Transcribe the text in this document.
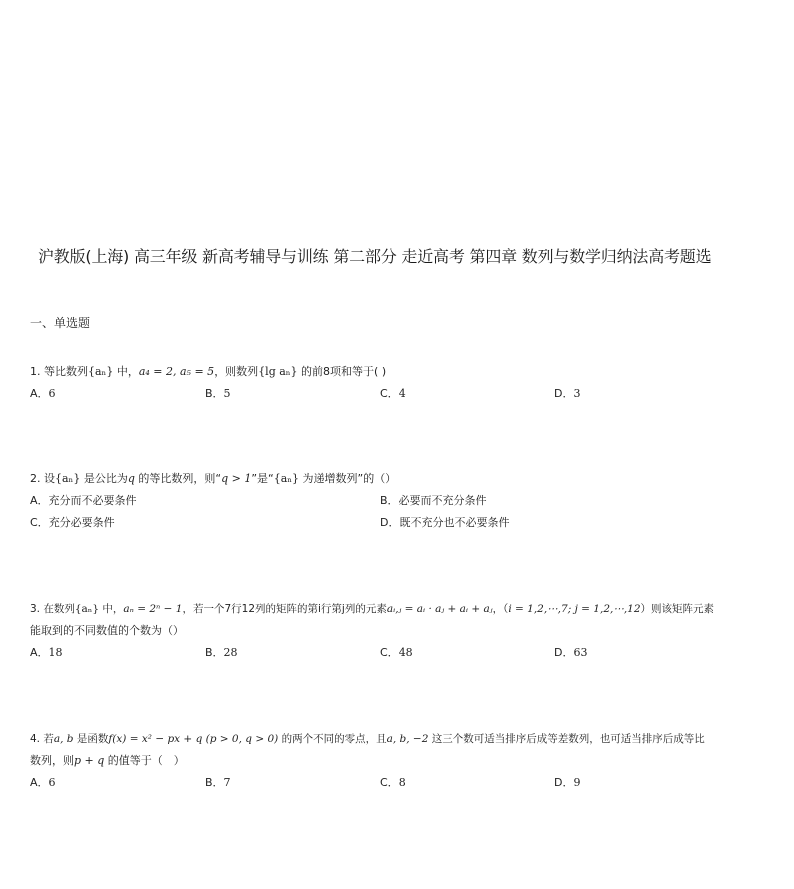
沪教版(上海) 高三年级 新高考辅导与训练 第二部分 走近高考 第四章 数列与数学归纳法高考题选
一、单选题
1. 等比数列{aₙ} 中，a₄ = 2, a₅ = 5，则数列{lg aₙ} 的前8项和等于( )
A．6	B．5	C．4	D．3
2. 设{aₙ} 是公比为q 的等比数列，则“q > 1”是“{aₙ} 为递增数列”的（）
A．充分而不必要条件	B．必要而不充分条件
C．充分必要条件	D．既不充分也不必要条件
3. 在数列{aₙ} 中，aₙ = 2ⁿ − 1，若一个7行12列的矩阵的第i行第j列的元素aᵢ,ⱼ = aᵢ · aⱼ + aᵢ + aⱼ，（i = 1,2,⋯,7; j = 1,2,⋯,12）则该矩阵元素
能取到的不同数值的个数为（）
A．18	B．28	C．48	D．63
4. 若a, b 是函数f(x) = x² − px + q (p > 0, q > 0) 的两个不同的零点，且a, b, −2 这三个数可适当排序后成等差数列，也可适当排序后成等比
数列，则p + q 的值等于（　）
A．6	B．7	C．8	D．9
